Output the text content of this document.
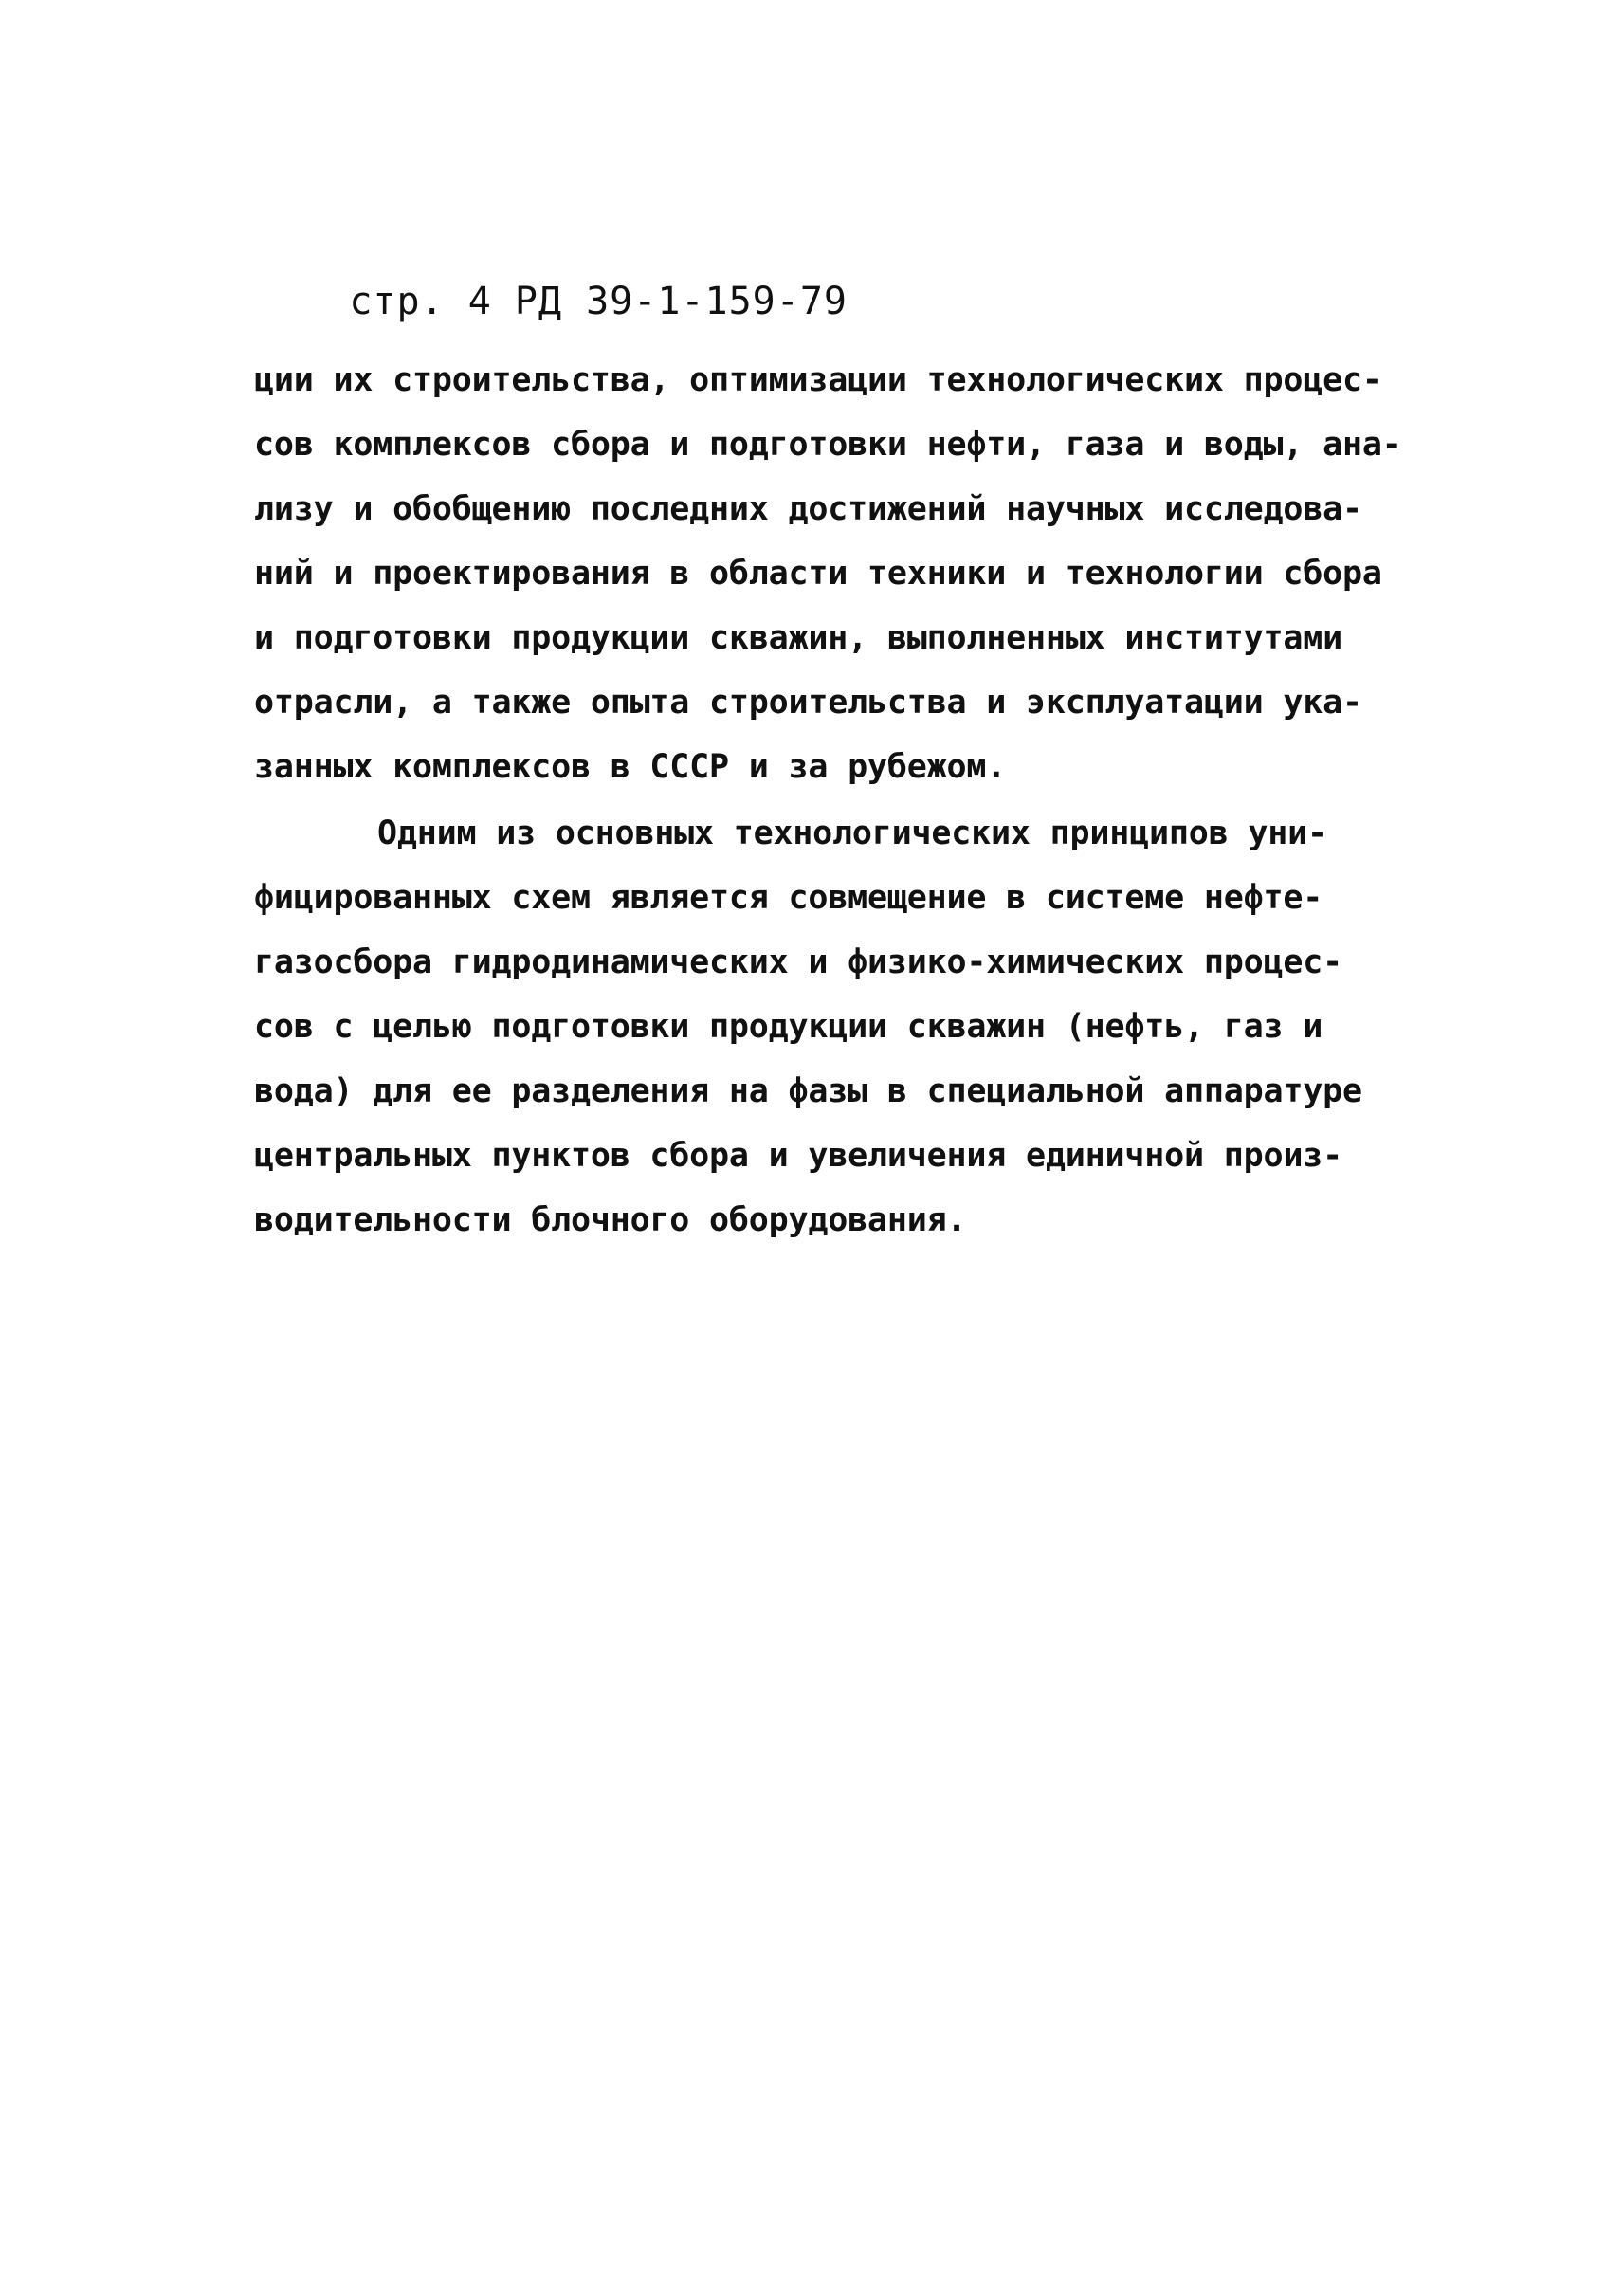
стр. 4 РД 39-1-159-79

ции их строительства, оптимизации технологических процес-
сов комплексов сбора и подготовки нефти, газа и воды, ана-
лизу и обобщению последних достижений научных исследова-
ний и проектирования в области техники и технологии сбора
и подготовки продукции скважин, выполненных институтами
отрасли, а также опыта строительства и эксплуатации ука-
занных комплексов в СССР и за рубежом.
Одним из основных технологических принципов уни-
фицированных схем является совмещение в системе нефте-
газосбора гидродинамических и физико-химических процес-
сов с целью подготовки продукции скважин (нефть, газ и
вода) для ее разделения на фазы в специальной аппаратуре
центральных пунктов сбора и увеличения единичной произ-
водительности блочного оборудования.
